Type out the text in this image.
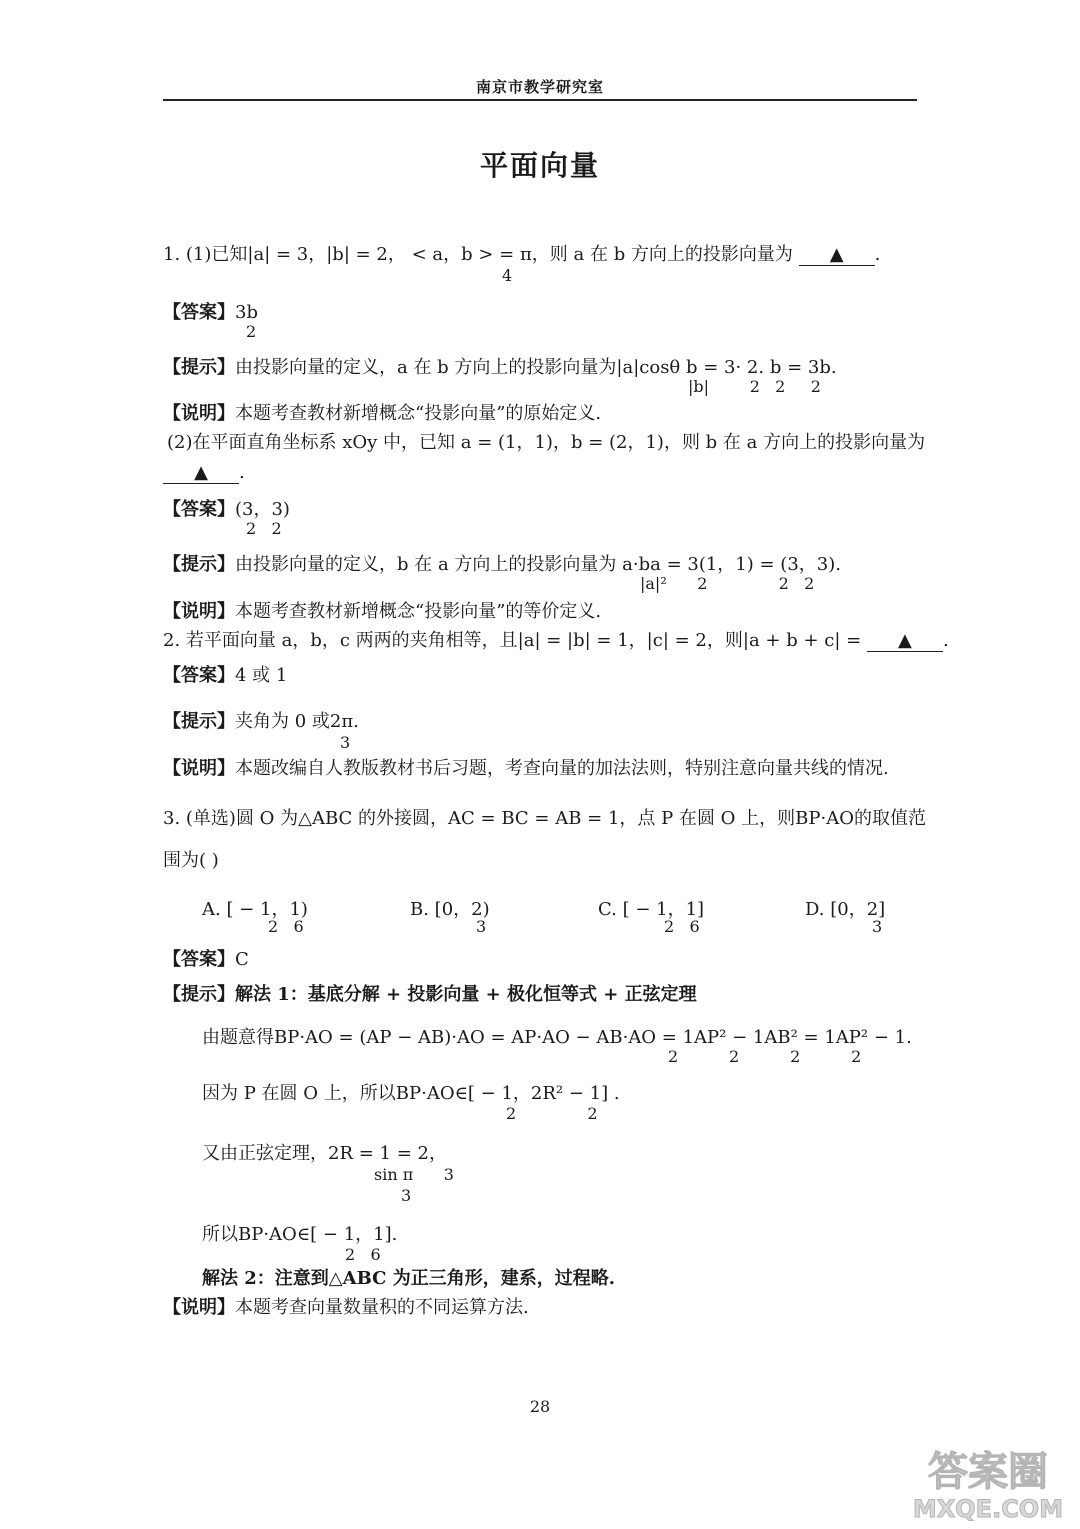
南京市教学研究室
平面向量
1. (1)已知|a| = 3，|b| = 2， < a，b > = π，则 a 在 b 方向上的投影向量为 ▲ .
4
【答案】3b
2
【提示】由投影向量的定义，a 在 b 方向上的投影向量为|a|cosθ b = 3· 2. b = 3b.
|b|        2   2     2
【说明】本题考查教材新增概念“投影向量”的原始定义.
(2)在平面直角坐标系 xOy 中，已知 a = (1，1)，b = (2，1)，则 b 在 a 方向上的投影向量为
▲ .
【答案】(3，3)
2   2
【提示】由投影向量的定义，b 在 a 方向上的投影向量为 a·ba = 3(1，1) = (3，3).
|a|²      2              2   2
【说明】本题考查教材新增概念“投影向量”的等价定义.
2. 若平面向量 a，b，c 两两的夹角相等，且|a| = |b| = 1，|c| = 2，则|a + b + c| = ▲ .
【答案】4 或 1
【提示】夹角为 0 或2π.
3
【说明】本题改编自人教版教材书后习题，考查向量的加法法则，特别注意向量共线的情况.
3. (单选)圆 O 为△ABC 的外接圆，AC = BC = AB = 1，点 P 在圆 O 上，则BP·AO的取值范
围为( )
A. [ − 1，1)
2   6
B. [0，2)
3
C. [ − 1，1]
2   6
D. [0，2]
3
【答案】C
【提示】解法 1：基底分解 + 投影向量 + 极化恒等式 + 正弦定理
由题意得BP·AO = (AP − AB)·AO = AP·AO − AB·AO = 1AP² − 1AB² = 1AP² − 1.
2          2          2          2
因为 P 在圆 O 上，所以BP·AO∈[ − 1，2R² − 1] .
2              2
又由正弦定理，2R = 1 = 2，
sin π      3
3
所以BP·AO∈[ − 1，1].
2   6
解法 2：注意到△ABC 为正三角形，建系，过程略.
【说明】本题考查向量数量积的不同运算方法.
28
答案圈
MXQE.COM
